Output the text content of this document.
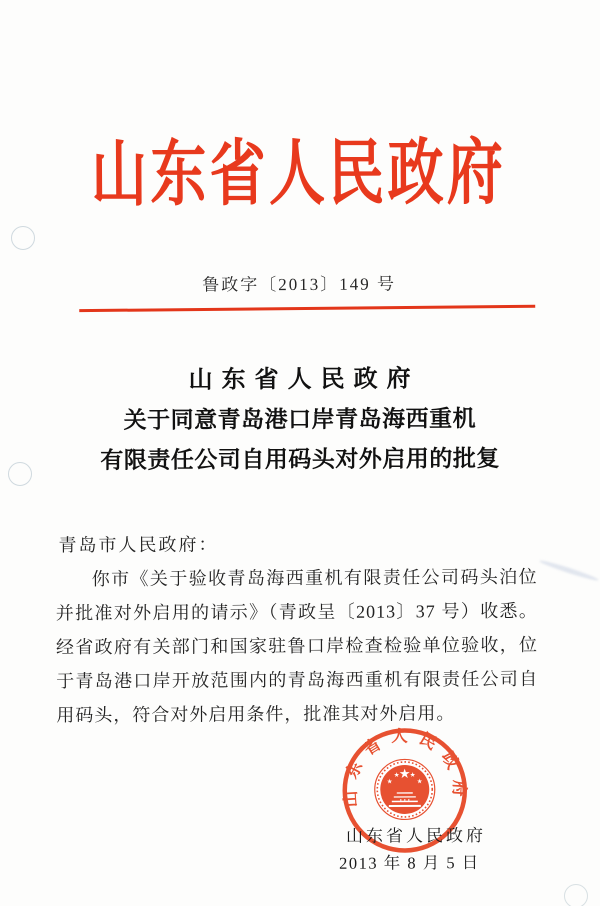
山东省人民政府
鲁政字〔2013〕149 号
山东省人民政府
关于同意青岛港口岸青岛海西重机
有限责任公司自用码头对外启用的批复
青岛市人民政府：

你市《关于验收青岛海西重机有限责任公司码头泊位并批准对外启用的请示》（青政呈〔2013〕37 号）收悉。经省政府有关部门和国家驻鲁口岸检查检验单位验收，位于青岛港口岸开放范围内的青岛海西重机有限责任公司自用码头，符合对外启用条件，批准其对外启用。

山东省人民政府
★
★
★ ★
★
山东省人民政府
2013 年 8 月 5 日
